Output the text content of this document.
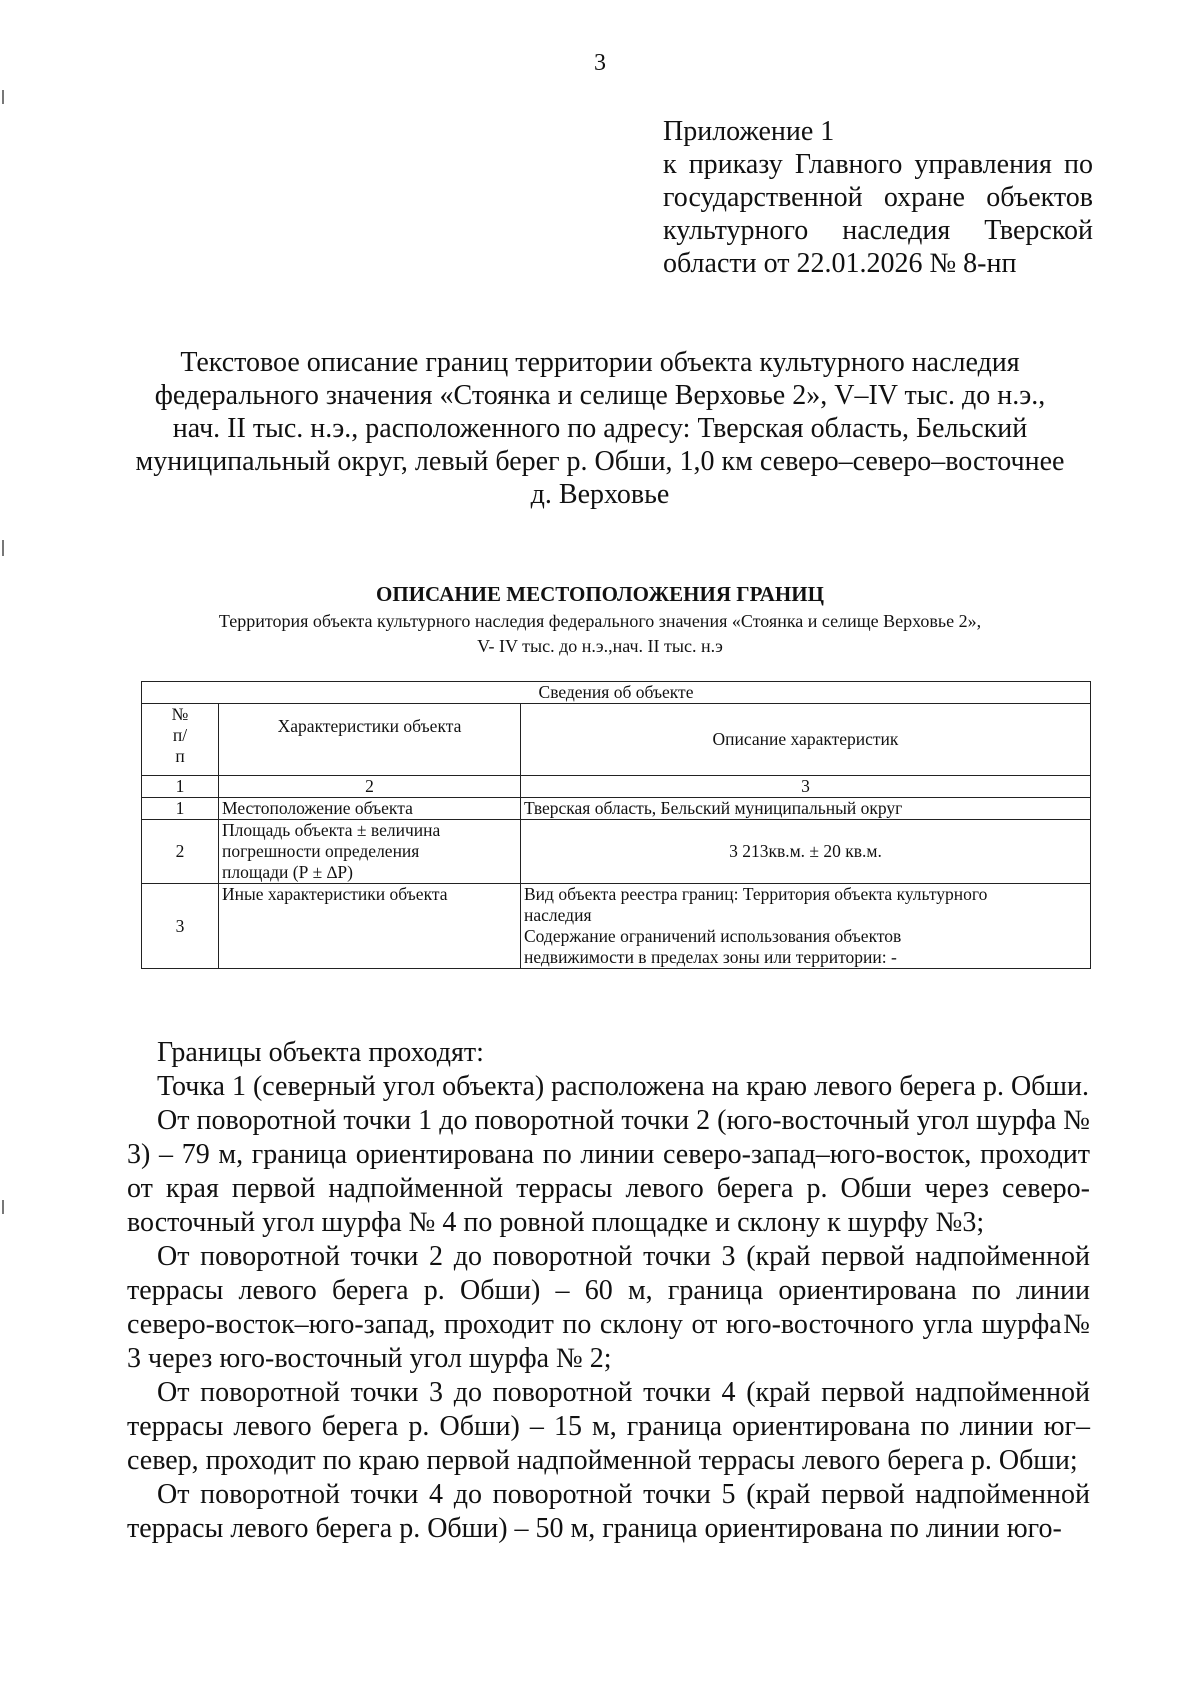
3
Приложение 1
к приказу Главного управления по
государственной охране объектов
культурного наследия Тверской
области от 22.01.2026 № 8-нп
Текстовое описание границ территории объекта культурного наследия
федерального значения «Стоянка и селище Верховье 2», V–IV тыс. до н.э.,
нач. II тыс. н.э., расположенного по адресу: Тверская область, Бельский
муниципальный округ, левый берег р. Обши, 1,0 км северо–северо–восточнее
д. Верховье
ОПИСАНИЕ МЕСТОПОЛОЖЕНИЯ ГРАНИЦ
Территория объекта культурного наследия федерального значения «Стоянка и селище Верховье 2»,
V- IV тыс. до н.э.,нач. II тыс. н.э
Сведения об объекте		

№
п/
п	Характеристики объекта	Описание характеристик
1	2	3
1	Местоположение объекта	Тверская область, Бельский муниципальный округ
2	Площадь объекта ± величина
погрешности определения
площади (Р ± ∆Р)	3 213кв.м. ± 20 кв.м.
3	Иные характеристики объекта	Вид объекта реестра границ: Территория объекта культурного
наследия
Содержание ограничений использования объектов
недвижимости в пределах зоны или территории: -

Границы объекта проходят:

Точка 1 (северный угол объекта) расположена на краю левого берега р. Обши.

От поворотной точки 1 до поворотной точки 2 (юго-восточный угол шурфа № 3) – 79 м, граница ориентирована по линии северо-запад–юго-восток, проходит от края первой надпойменной террасы левого берега р. Обши через северо-восточный угол шурфа № 4 по ровной площадке и склону к шурфу №3;

От поворотной точки 2 до поворотной точки 3 (край первой надпойменной террасы левого берега р. Обши) – 60 м, граница ориентирована по линии северо-восток–юго-запад, проходит по склону от юго-восточного угла шурфа№ 3 через юго-восточный угол шурфа № 2;

От поворотной точки 3 до поворотной точки 4 (край первой надпойменной террасы левого берега р. Обши) – 15 м, граница ориентирована по линии юг–север, проходит по краю первой надпойменной террасы левого берега р. Обши;

От поворотной точки 4 до поворотной точки 5 (край первой надпойменной террасы левого берега р. Обши) – 50 м, граница ориентирована по линии юго-
